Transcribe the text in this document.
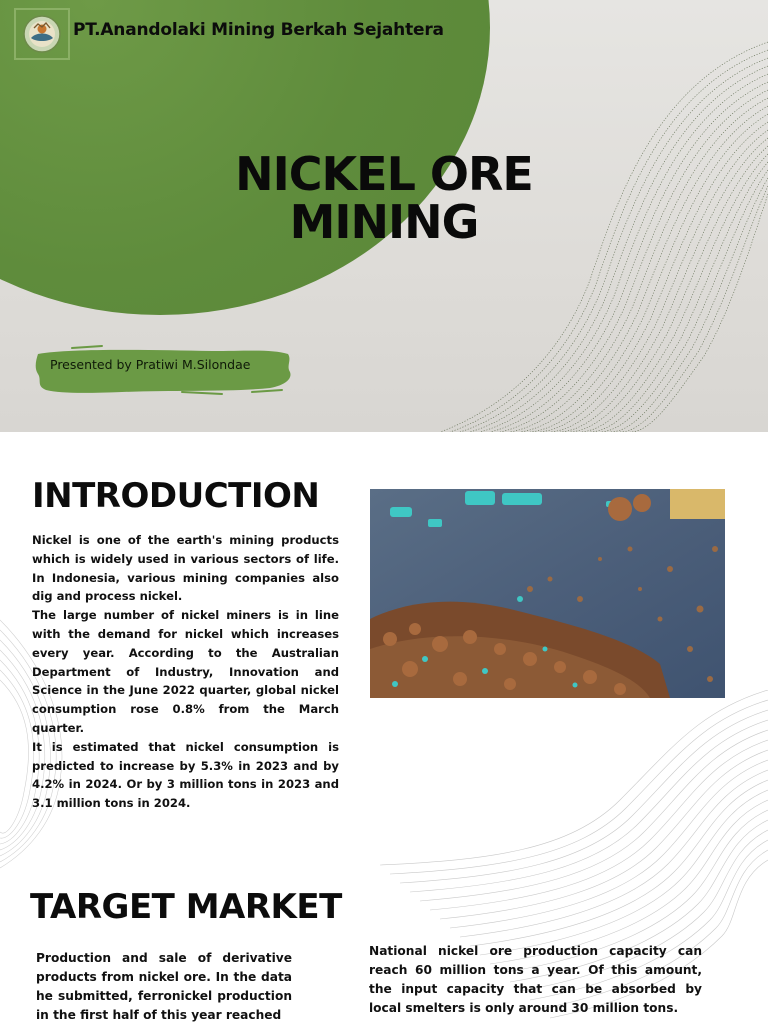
PT.Anandolaki Mining Berkah Sejahtera
NICKEL ORE
MINING
Presented by Pratiwi M.Silondae
INTRODUCTION

Nickel is one of the earth's mining products which is widely used in various sectors of life. In Indonesia, various mining companies also dig and process nickel.

The large number of nickel miners is in line with the demand for nickel which increases every year. According to the Australian Department of Industry, Innovation and Science in the June 2022 quarter, global nickel consumption rose 0.8% from the March quarter.

It is estimated that nickel consumption is predicted to increase by 5.3% in 2023 and by 4.2% in 2024. Or by 3 million tons in 2023 and 3.1 million tons in 2024.

TARGET MARKET
Production and sale of derivative products from nickel ore. In the data he submitted, ferronickel production in the first half of this year reached
National nickel ore production capacity can reach 60 million tons a year. Of this amount, the input capacity that can be absorbed by local smelters is only around 30 million tons.
